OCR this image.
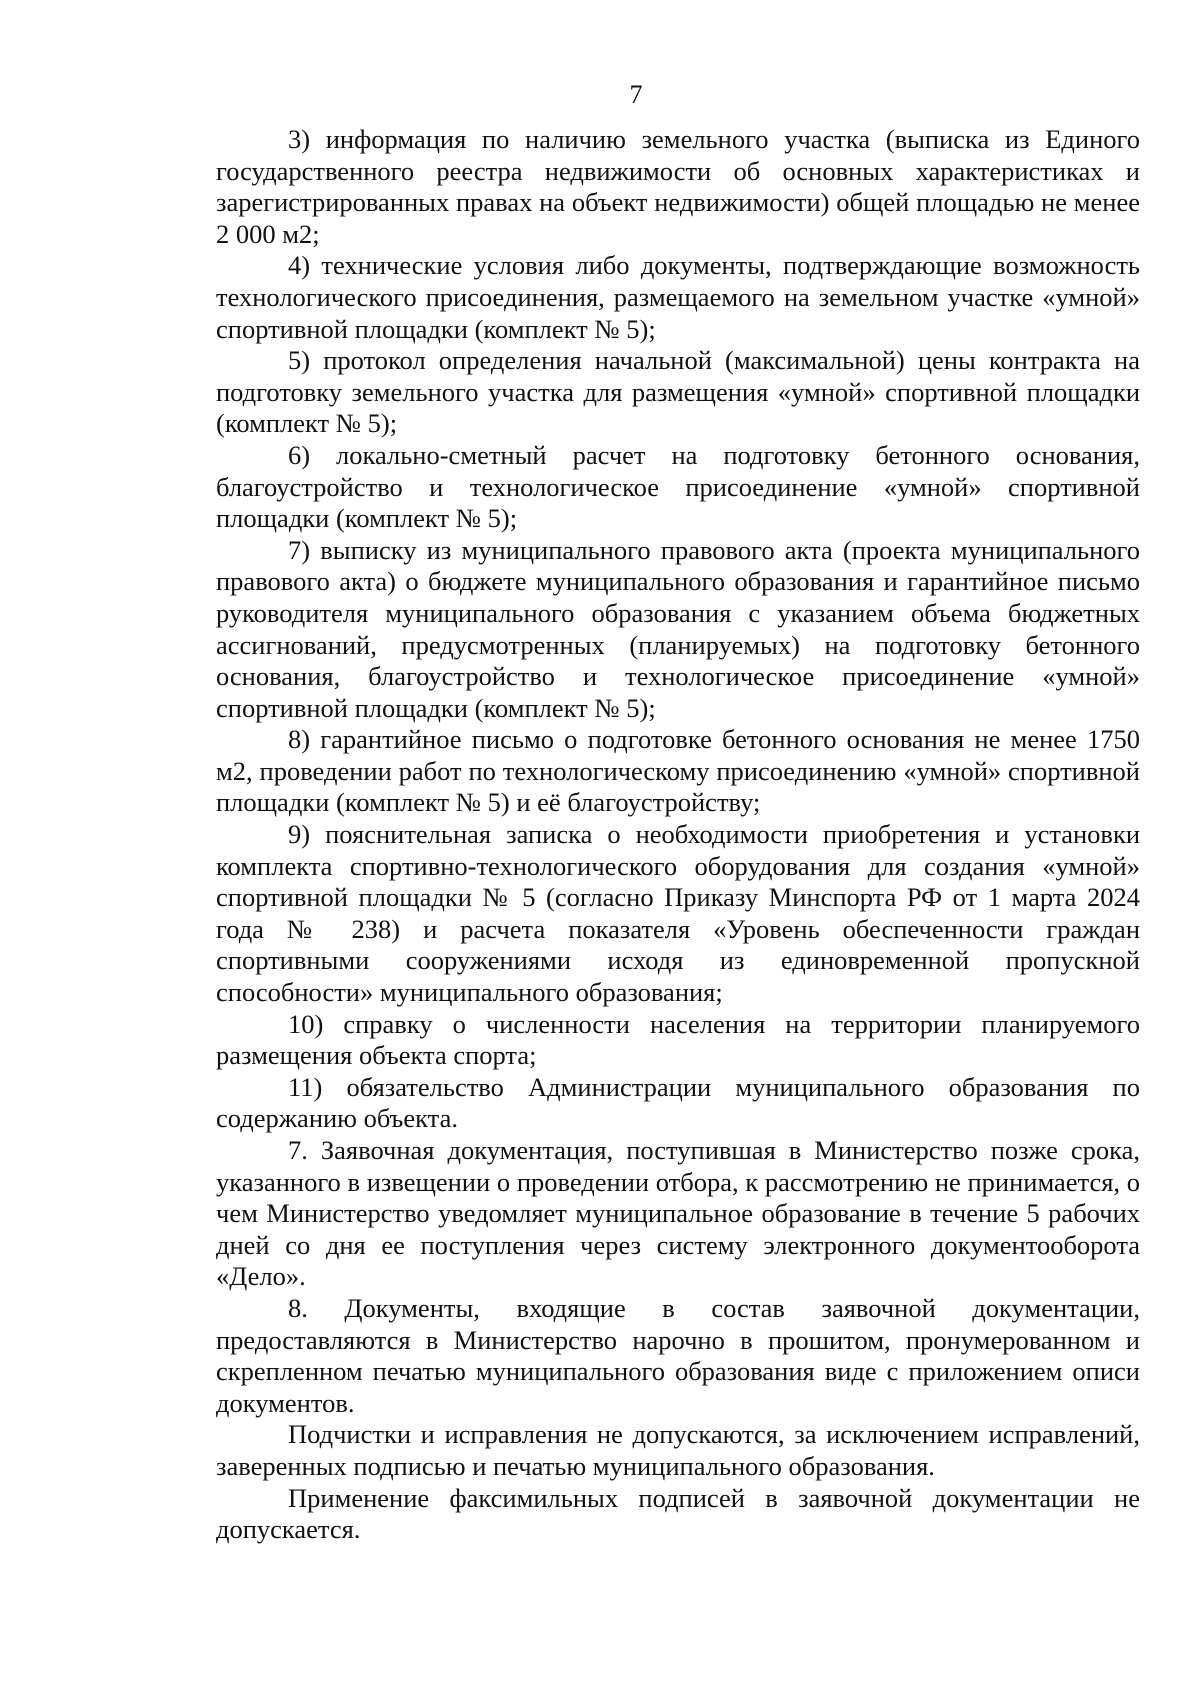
7

3) информация по наличию земельного участка (выписка из Единого государственного реестра недвижимости об основных характеристиках и зарегистрированных правах на объект недвижимости) общей площадью не менее 2 000 м2;

4) технические условия либо документы, подтверждающие возможность технологического присоединения, размещаемого на земельном участке «умной» спортивной площадки (комплект № 5);

5) протокол определения начальной (максимальной) цены контракта на подготовку земельного участка для размещения «умной» спортивной площадки (комплект № 5);

6) локально-сметный расчет на подготовку бетонного основания, благоустройство и технологическое присоединение «умной» спортивной площадки (комплект № 5);

7) выписку из муниципального правового акта (проекта муниципального правового акта) о бюджете муниципального образования и гарантийное письмо руководителя муниципального образования с указанием объема бюджетных ассигнований, предусмотренных (планируемых) на подготовку бетонного основания, благоустройство и технологическое присоединение «умной» спортивной площадки (комплект № 5);

8) гарантийное письмо о подготовке бетонного основания не менее 1750 м2, проведении работ по технологическому присоединению «умной» спортивной площадки (комплект № 5) и её благоустройству;

9) пояснительная записка о необходимости приобретения и установки комплекта спортивно-технологического оборудования для создания «умной» спортивной площадки № 5 (согласно Приказу Минспорта РФ от 1 марта 2024 года № 238) и расчета показателя «Уровень обеспеченности граждан спортивными сооружениями исходя из единовременной пропускной способности» муниципального образования;

10) справку о численности населения на территории планируемого размещения объекта спорта;

11) обязательство Администрации муниципального образования по содержанию объекта.

7. Заявочная документация, поступившая в Министерство позже срока, указанного в извещении о проведении отбора, к рассмотрению не принимается, о чем Министерство уведомляет муниципальное образование в течение 5 рабочих дней со дня ее поступления через систему электронного документооборота «Дело».

8. Документы, входящие в состав заявочной документации, предоставляются в Министерство нарочно в прошитом, пронумерованном и скрепленном печатью муниципального образования виде с приложением описи документов.

Подчистки и исправления не допускаются, за исключением исправлений, заверенных подписью и печатью муниципального образования.

Применение факсимильных подписей в заявочной документации не допускается.
